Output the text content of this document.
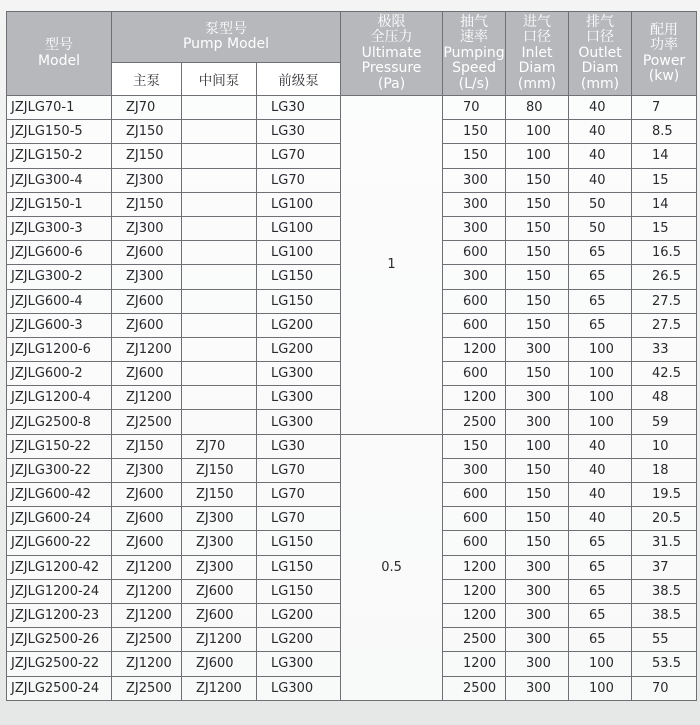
型号
Model	泵型号
Pump Model			极限
全压力
Ultimate
Pressure
(Pa)	抽气
速率
Pumping
Speed
(L/s)	进气
口径
Inlet
Diam
(mm)	排气
口径
Outlet
Diam
(mm)	配用
功率
Power
(kw)

	主泵	中间泵	前级泵					
JZJLG70-1	ZJ70		LG30	1	70	80	40	7
JZJLG150-5	ZJ150		LG30		150	100	40	8.5
JZJLG150-2	ZJ150		LG70		150	100	40	14
JZJLG300-4	ZJ300		LG70		300	150	40	15
JZJLG150-1	ZJ150		LG100		300	150	50	14
JZJLG300-3	ZJ300		LG100		300	150	50	15
JZJLG600-6	ZJ600		LG100		600	150	65	16.5
JZJLG300-2	ZJ300		LG150		300	150	65	26.5
JZJLG600-4	ZJ600		LG150		600	150	65	27.5
JZJLG600-3	ZJ600		LG200		600	150	65	27.5
JZJLG1200-6	ZJ1200		LG200		1200	300	100	33
JZJLG600-2	ZJ600		LG300		600	150	100	42.5
JZJLG1200-4	ZJ1200		LG300		1200	300	100	48
JZJLG2500-8	ZJ2500		LG300		2500	300	100	59
JZJLG150-22	ZJ150	ZJ70	LG30	0.5	150	100	40	10
JZJLG300-22	ZJ300	ZJ150	LG70		300	150	40	18
JZJLG600-42	ZJ600	ZJ150	LG70		600	150	40	19.5
JZJLG600-24	ZJ600	ZJ300	LG70		600	150	40	20.5
JZJLG600-22	ZJ600	ZJ300	LG150		600	150	65	31.5
JZJLG1200-42	ZJ1200	ZJ300	LG150		1200	300	65	37
JZJLG1200-24	ZJ1200	ZJ600	LG150		1200	300	65	38.5
JZJLG1200-23	ZJ1200	ZJ600	LG200		1200	300	65	38.5
JZJLG2500-26	ZJ2500	ZJ1200	LG200		2500	300	65	55
JZJLG2500-22	ZJ1200	ZJ600	LG300		1200	300	100	53.5
JZJLG2500-24	ZJ2500	ZJ1200	LG300		2500	300	100	70
